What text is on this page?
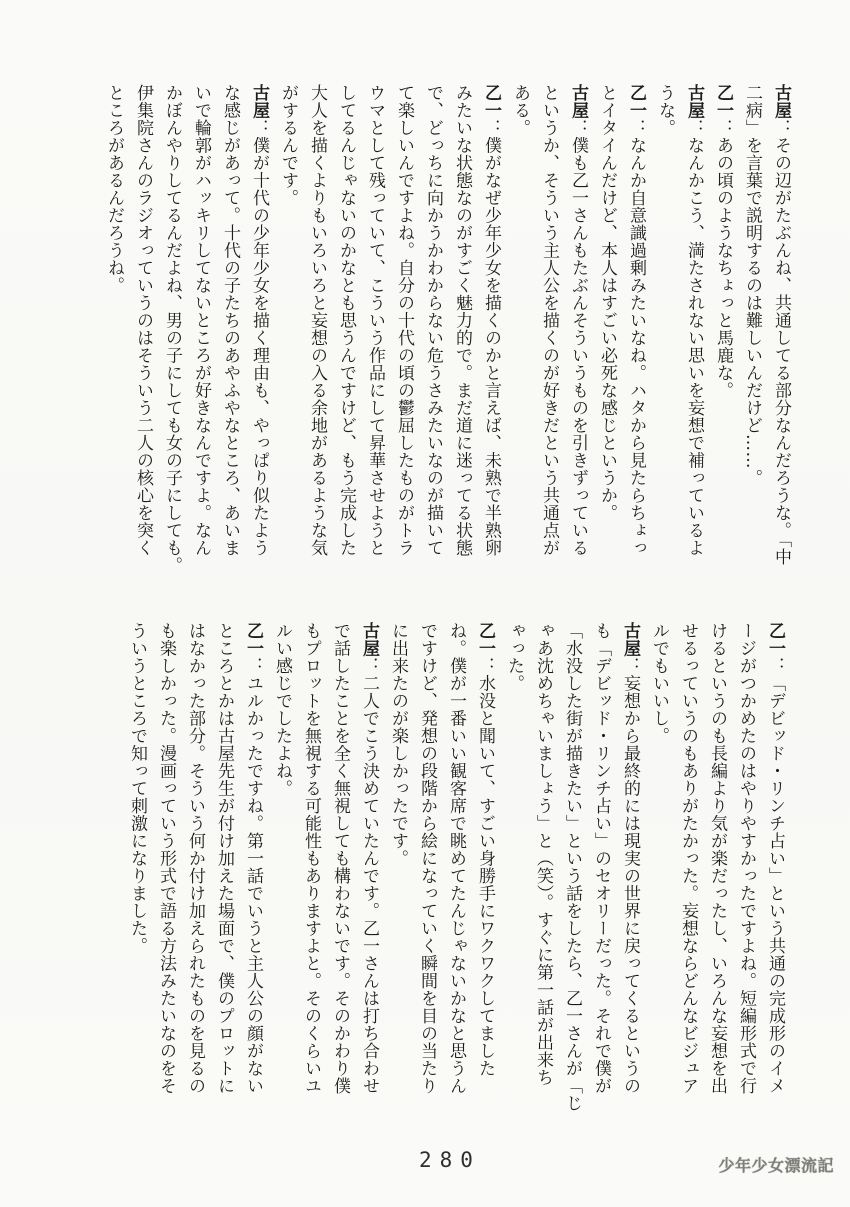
古屋：その辺がたぶんね、共通してる部分なんだろうな。「中
二病」を言葉で説明するのは難しいんだけど……。
乙一：あの頃のようなちょっと馬鹿な。
古屋：なんかこう、満たされない思いを妄想で補っているよ
うな。
乙一：なんか自意識過剰みたいなね。ハタから見たらちょっ
とイタイんだけど、本人はすごい必死な感じというか。
古屋：僕も乙一さんもたぶんそういうものを引きずっている
というか、そういう主人公を描くのが好きだという共通点が
ある。
乙一：僕がなぜ少年少女を描くのかと言えば、未熟で半熟卵
みたいな状態なのがすごく魅力的で。まだ道に迷ってる状態
で、どっちに向かうかわからない危うさみたいなのが描いて
て楽しいんですよね。自分の十代の頃の鬱屈したものがトラ
ウマとして残っていて、こういう作品にして昇華させようと
してるんじゃないのかなとも思うんですけど、もう完成した
大人を描くよりもいろいろと妄想の入る余地があるような気
がするんです。
古屋：僕が十代の少年少女を描く理由も、やっぱり似たよう
な感じがあって。十代の子たちのあやふやなところ、あいま
いで輪郭がハッキリしてないところが好きなんですよ。なん
かぼんやりしてるんだよね、男の子にしても女の子にしても。
伊集院さんのラジオっていうのはそういう二人の核心を突く
ところがあるんだろうね。
乙一：「デビッド・リンチ占い」という共通の完成形のイメ
ージがつかめたのはやりやすかったですよね。短編形式で行
けるというのも長編より気が楽だったし、いろんな妄想を出
せるっていうのもありがたかった。妄想ならどんなビジュア
ルでもいいし。
古屋：妄想から最終的には現実の世界に戻ってくるというの
も「デビッド・リンチ占い」のセオリーだった。それで僕が
「水没した街が描きたい」という話をしたら、乙一さんが「じ
ゃあ沈めちゃいましょう」と（笑）。すぐに第一話が出来ち
ゃった。
乙一：水没と聞いて、すごい身勝手にワクワクしてました
ね。僕が一番いい観客席で眺めてたんじゃないかなと思うん
ですけど、発想の段階から絵になっていく瞬間を目の当たり
に出来たのが楽しかったです。
古屋：二人でこう決めていたんです。乙一さんは打ち合わせ
で話したことを全く無視しても構わないです。そのかわり僕
もプロットを無視する可能性もありますよと。そのくらいユ
ルい感じでしたよね。
乙一：ユルかったですね。第一話でいうと主人公の顔がない
ところとかは古屋先生が付け加えた場面で、僕のプロットに
はなかった部分。そういう何か付け加えられたものを見るの
も楽しかった。漫画っていう形式で語る方法みたいなのをそ
ういうところで知って刺激になりました。
280	少年少女漂流記
